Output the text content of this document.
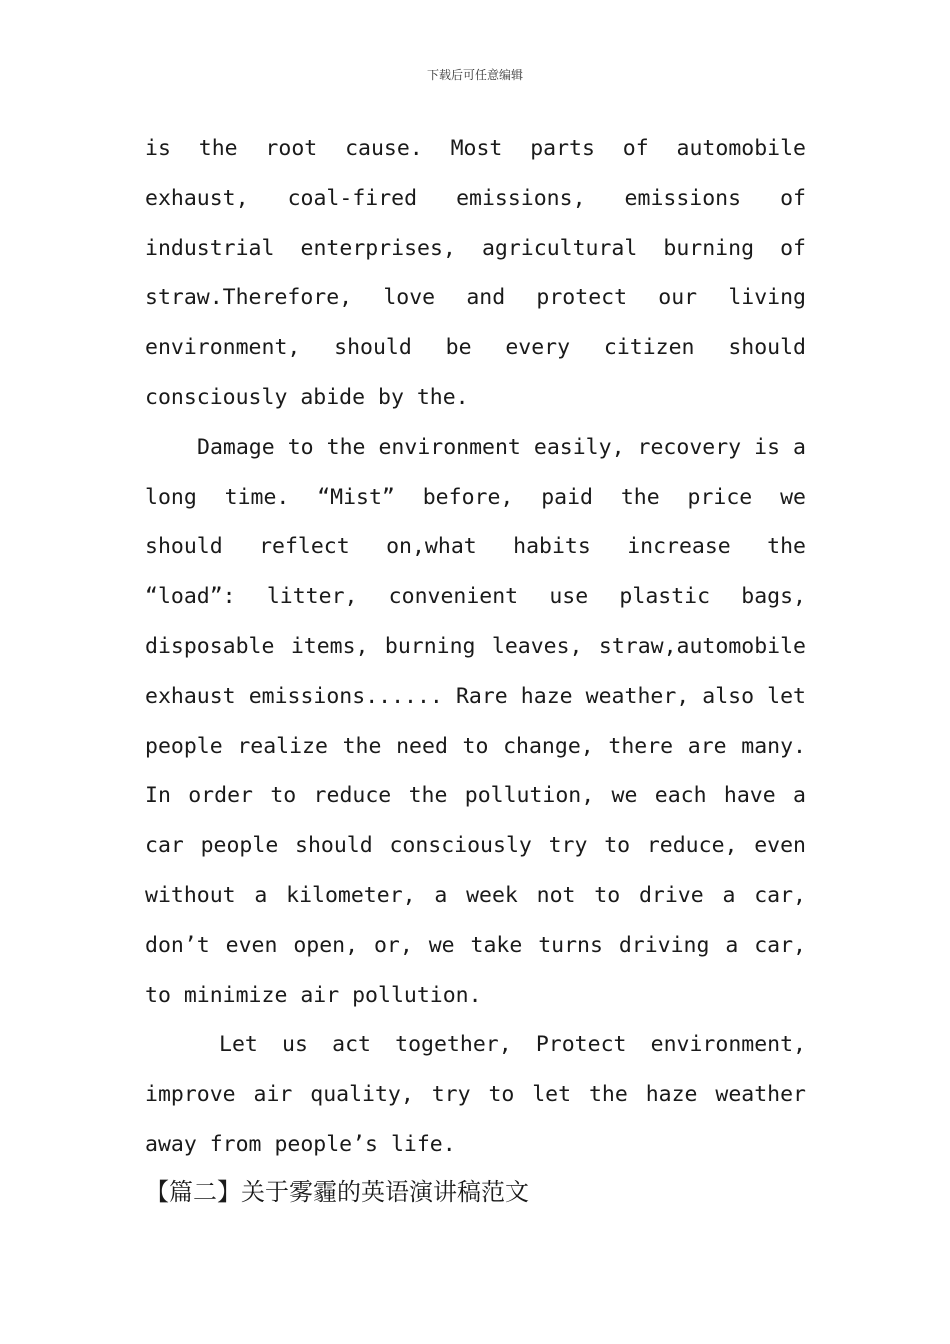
下载后可任意编辑
is the root cause. Most parts of automobile
exhaust, coal-fired emissions, emissions of
industrial enterprises, agricultural burning of
straw.Therefore, love and protect our living
environment, should be every citizen should
consciously abide by the.
Damage to the environment easily, recovery is a
long time. “Mist” before, paid the price we
should reflect on,what habits increase the
“load”: litter, convenient use plastic bags,
disposable items, burning leaves, straw,automobile
exhaust emissions...... Rare haze weather, also let
people realize the need to change, there are many.
In order to reduce the pollution, we each have a
car people should consciously try to reduce, even
without a kilometer, a week not to drive a car,
don’t even open, or, we take turns driving a car,
to minimize air pollution.
Let us act together, Protect environment,
improve air quality, try to let the haze weather
away from people’s life.
【篇二】关于雾霾的英语演讲稿范文
